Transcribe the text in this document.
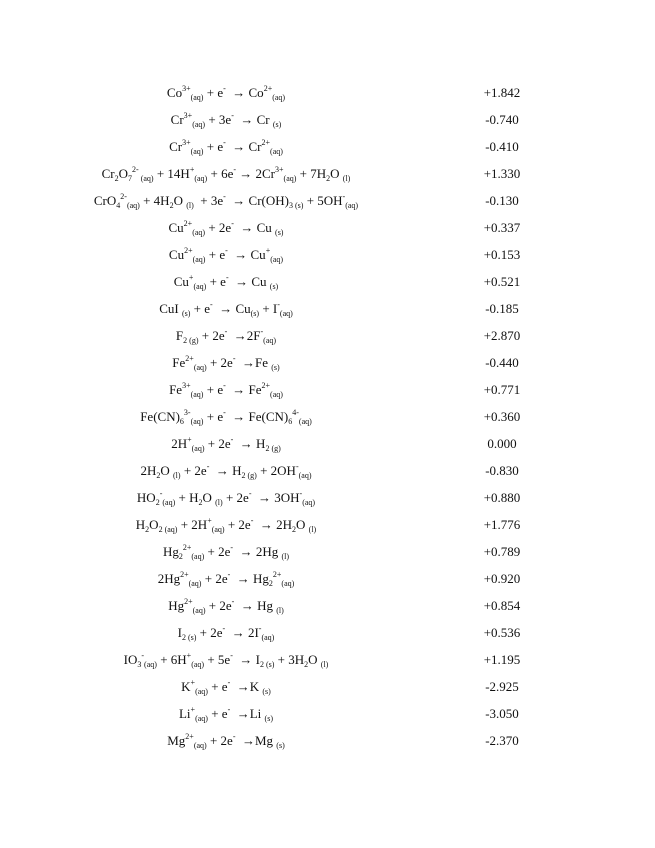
$Co^{3+}_{(aq)} + e^- \to Co^{2+}_{(aq)}$	+1.842
$Cr^{3+}_{(aq)} + 3e^- \to Cr$ $_{(s)}$	-0.740
$Cr^{3+}_{(aq)} + e^- \to Cr^{2+}_{(aq)}$	-0.410
$Cr_2O_7^{2-}$ $_{(aq)} + 14H^+_{(aq)} + 6e^- \to 2Cr^{3+}_{(aq)} + 7H_2O$ $_{(l)}$	+1.330
$CrO_4^{2-}_{(aq)} + 4H_2O$ $_{(l)} + 3e^- \to Cr(OH)_{3 (s)} + 5OH^-_{(aq)}$	-0.130
$Cu^{2+}_{(aq)} + 2e^- \to Cu$ $_{(s)}$	+0.337
$Cu^{2+}_{(aq)} + e^- \to Cu^+_{(aq)}$	+0.153
$Cu^+_{(aq)} + e^- \to Cu$ $_{(s)}$	+0.521
CuI $_{(s)} + e^- \to Cu_{(s)} + I^-_{(aq)}$	-0.185
$F_{2 (g)} + 2e^- \to 2F^-_{(aq)}$	+2.870
$Fe^{2+}_{(aq)} + 2e^- \to Fe$ $_{(s)}$	-0.440
$Fe^{3+}_{(aq)} + e^- \to Fe^{2+}_{(aq)}$	+0.771
$Fe(CN)_6^{3-}_{(aq)} + e^- \to Fe(CN)_6^{4-}_{(aq)}$	+0.360
$2H^+_{(aq)} + 2e^- \to H_{2 (g)}$	0.000
$2H_2O$ $_{(l)} + 2e^- \to H_{2 (g)} + 2OH^-_{(aq)}$	-0.830
$HO_2^-_{(aq)} + H_2O$ $_{(l)} + 2e^- \to 3OH^-_{(aq)}$	+0.880
$H_2O_{2 (aq)} + 2H^+_{(aq)} + 2e^- \to 2H_2O$ $_{(l)}$	+1.776
$Hg_2^{2+}_{(aq)} + 2e^- \to 2Hg$ $_{(l)}$	+0.789
$2Hg^{2+}_{(aq)} + 2e^- \to Hg_2^{2+}_{(aq)}$	+0.920
$Hg^{2+}_{(aq)} + 2e^- \to Hg$ $_{(l)}$	+0.854
$I_{2 (s)} + 2e^- \to 2I^-_{(aq)}$	+0.536
$IO_3^-_{(aq)} + 6H^+_{(aq)} + 5e^- \to I_{2 (s)} + 3H_2O$ $_{(l)}$	+1.195
$K^+_{(aq)} + e^- \to K$ $_{(s)}$	-2.925
$Li^+_{(aq)} + e^- \to Li$ $_{(s)}$	-3.050
$Mg^{2+}_{(aq)} + 2e^- \to Mg$ $_{(s)}$	-2.370
